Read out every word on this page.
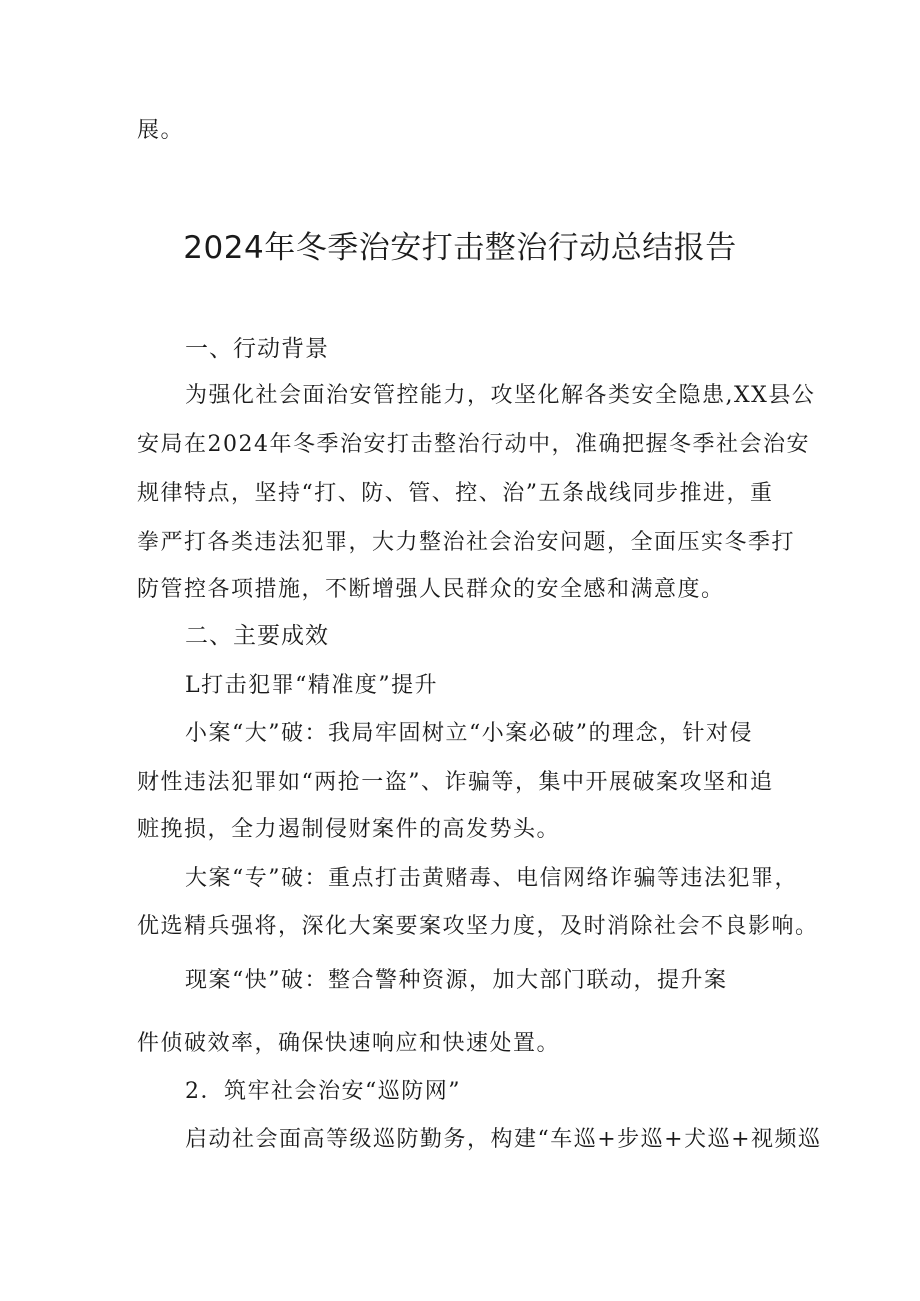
展。
2024年冬季治安打击整治行动总结报告
一、行动背景
为强化社会面治安管控能力，攻坚化解各类安全隐患,XX县公
安局在2024年冬季治安打击整治行动中，准确把握冬季社会治安
规律特点，坚持“打、防、管、控、治”五条战线同步推进，重
拳严打各类违法犯罪，大力整治社会治安问题，全面压实冬季打
防管控各项措施，不断增强人民群众的安全感和满意度。
二、主要成效
L打击犯罪“精准度”提升
小案“大”破：我局牢固树立“小案必破”的理念，针对侵
财性违法犯罪如“两抢一盗”、诈骗等，集中开展破案攻坚和追
赃挽损，全力遏制侵财案件的高发势头。
大案“专”破：重点打击黄赌毒、电信网络诈骗等违法犯罪，
优选精兵强将，深化大案要案攻坚力度，及时消除社会不良影响。
现案“快”破：整合警种资源，加大部门联动，提升案
件侦破效率，确保快速响应和快速处置。
2．筑牢社会治安“巡防网”
启动社会面高等级巡防勤务，构建“车巡+步巡+犬巡+视频巡
